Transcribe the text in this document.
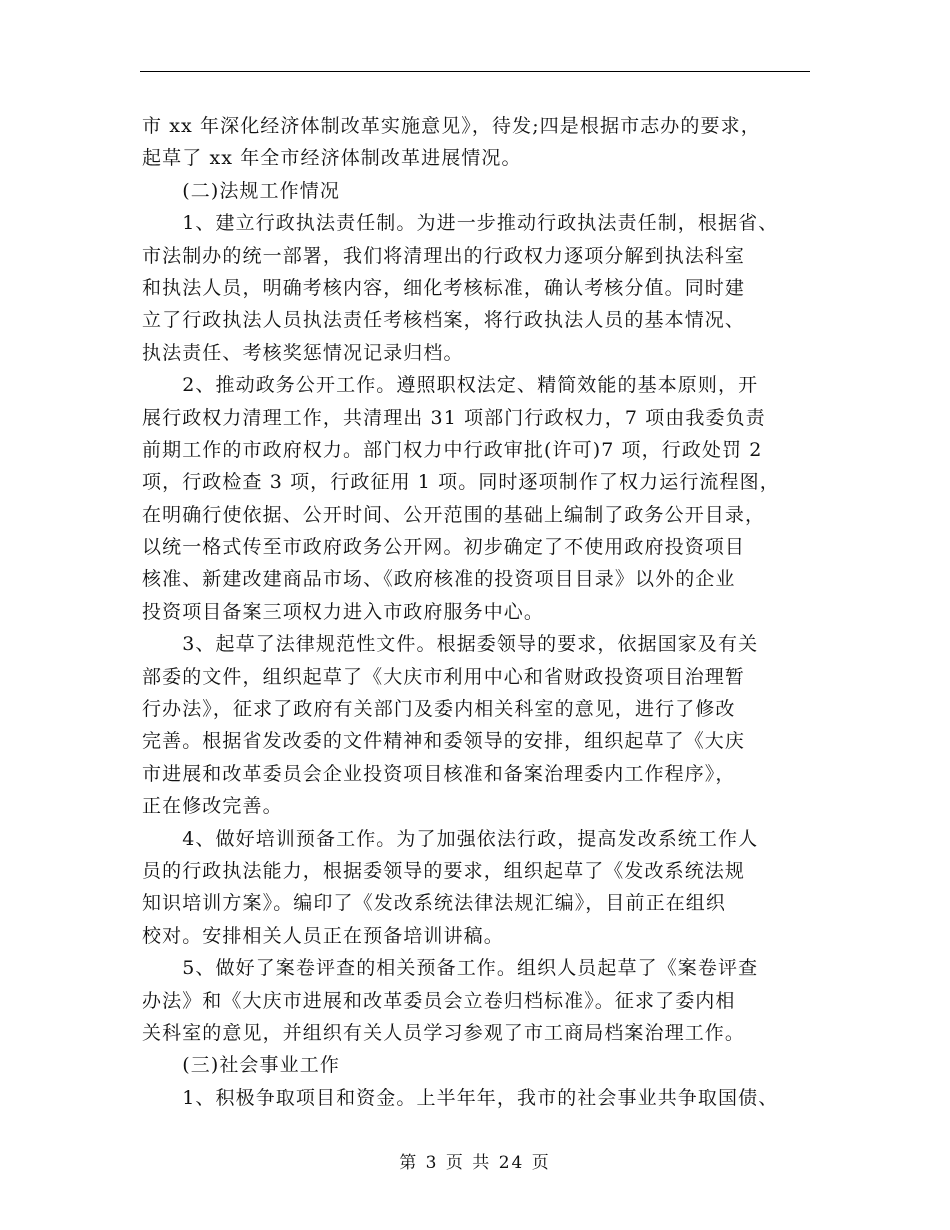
市 xx 年深化经济体制改革实施意见》，待发;四是根据市志办的要求，
起草了 xx 年全市经济体制改革进展情况。
　　(二)法规工作情况
　　1、建立行政执法责任制。为进一步推动行政执法责任制，根据省、
市法制办的统一部署，我们将清理出的行政权力逐项分解到执法科室
和执法人员，明确考核内容，细化考核标准，确认考核分值。同时建
立了行政执法人员执法责任考核档案，将行政执法人员的基本情况、
执法责任、考核奖惩情况记录归档。
　　2、推动政务公开工作。遵照职权法定、精简效能的基本原则，开
展行政权力清理工作，共清理出 31 项部门行政权力，7 项由我委负责
前期工作的市政府权力。部门权力中行政审批(许可)7 项，行政处罚 2
项，行政检查 3 项，行政征用 1 项。同时逐项制作了权力运行流程图，
在明确行使依据、公开时间、公开范围的基础上编制了政务公开目录，
以统一格式传至市政府政务公开网。初步确定了不使用政府投资项目
核准、新建改建商品市场、《政府核准的投资项目目录》以外的企业
投资项目备案三项权力进入市政府服务中心。
　　3、起草了法律规范性文件。根据委领导的要求，依据国家及有关
部委的文件，组织起草了《大庆市利用中心和省财政投资项目治理暂
行办法》，征求了政府有关部门及委内相关科室的意见，进行了修改
完善。根据省发改委的文件精神和委领导的安排，组织起草了《大庆
市进展和改革委员会企业投资项目核准和备案治理委内工作程序》，
正在修改完善。
　　4、做好培训预备工作。为了加强依法行政，提高发改系统工作人
员的行政执法能力，根据委领导的要求，组织起草了《发改系统法规
知识培训方案》。编印了《发改系统法律法规汇编》，目前正在组织
校对。安排相关人员正在预备培训讲稿。
　　5、做好了案卷评查的相关预备工作。组织人员起草了《案卷评查
办法》和《大庆市进展和改革委员会立卷归档标准》。征求了委内相
关科室的意见，并组织有关人员学习参观了市工商局档案治理工作。
　　(三)社会事业工作
　　1、积极争取项目和资金。上半年年，我市的社会事业共争取国债、
第 3 页 共 24 页
